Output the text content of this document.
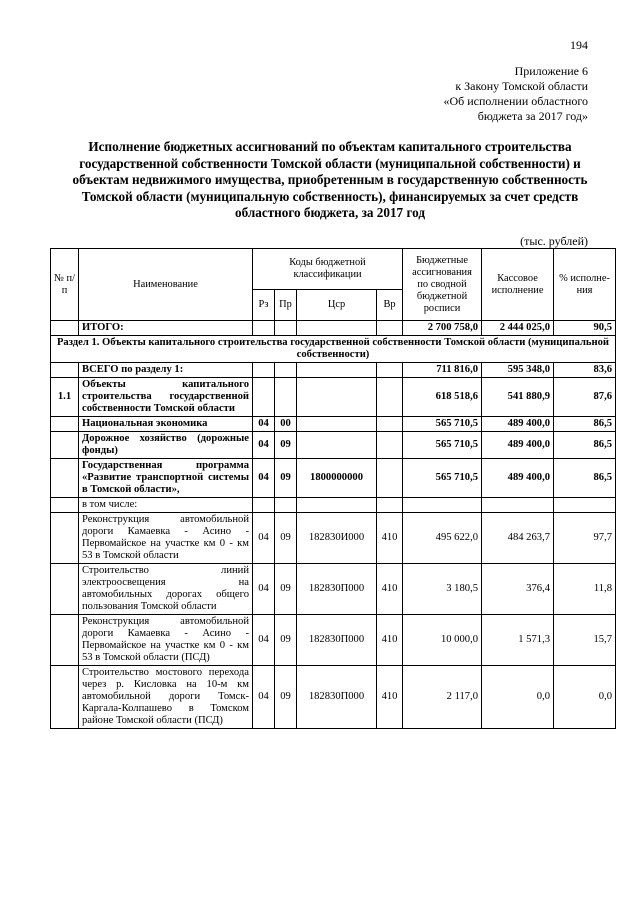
194
Приложение 6
к Закону Томской области
«Об исполнении областного
бюджета за 2017 год»
Исполнение бюджетных ассигнований по объектам капитального строительства государственной собственности Томской области (муниципальной собственности) и объектам недвижимого имущества, приобретенным в государственную собственность Томской области (муниципальную собственность), финансируемых за счет средств областного бюджета, за 2017 год
(тыс. рублей)
№ п/п	Наименование	Коды бюджетной классификации				Бюджетные ассигнования по сводной бюджетной росписи	Кассовое исполнение	% исполне-ния
		Рз	Пр	Цср	Вр			
	ИТОГО:					2 700 758,0	2 444 025,0	90,5
Раздел 1. Объекты капитального строительства государственной собственности Томской области (муниципальной собственности)								
	ВСЕГО по разделу 1:					711 816,0	595 348,0	83,6
1.1	Объекты капитального строительства государственной собственности Томской области					618 518,6	541 880,9	87,6
	Национальная экономика	04	00			565 710,5	489 400,0	86,5
	Дорожное хозяйство (дорожные фонды)	04	09			565 710,5	489 400,0	86,5
	Государственная программа «Развитие транспортной системы в Томской области»,	04	09	1800000000		565 710,5	489 400,0	86,5
	в том числе:							
	Реконструкция автомобильной дороги Камаевка - Асино - Первомайское на участке км 0 - км 53 в Томской области	04	09	182830И000	410	495 622,0	484 263,7	97,7
	Строительство линий электроосвещения на автомобильных дорогах общего пользования Томской области	04	09	182830П000	410	3 180,5	376,4	11,8
	Реконструкция автомобильной дороги Камаевка - Асино - Первомайское на участке км 0 - км 53 в Томской области (ПСД)	04	09	182830П000	410	10 000,0	1 571,3	15,7
	Строительство мостового перехода через р. Кисловка на 10-м км автомобильной дороги Томск-Каргала-Колпашево в Томском районе Томской области (ПСД)	04	09	182830П000	410	2 117,0	0,0	0,0
